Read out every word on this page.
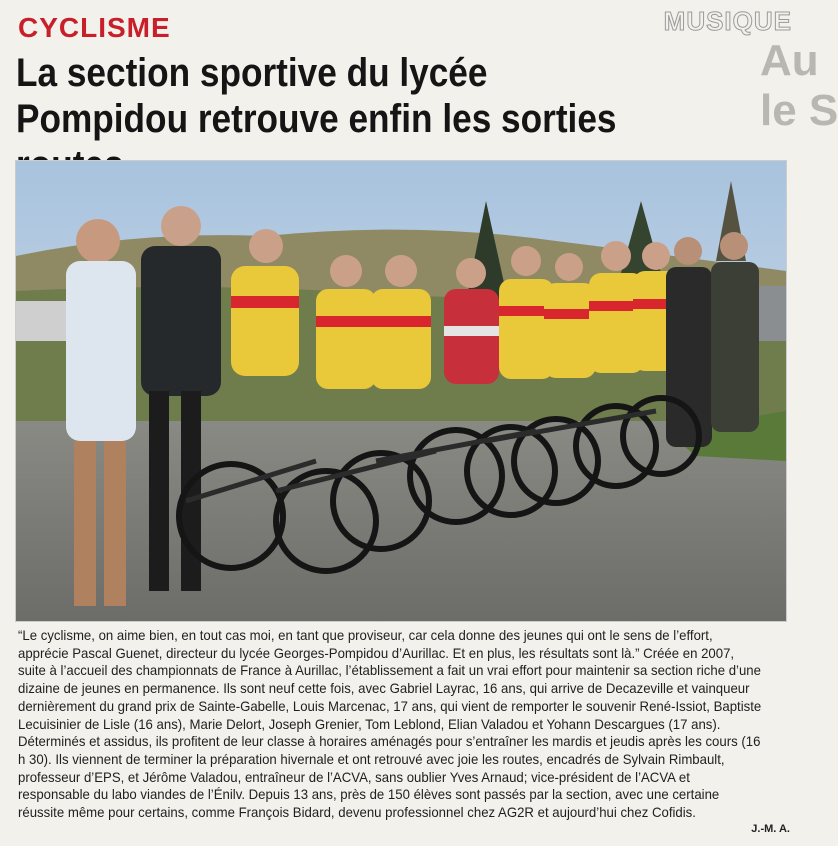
MUSIQUE
Au
le S
CYCLISME
La section sportive du lycée Pompidou retrouve enfin les sorties

“Le cyclisme, on aime bien, en tout cas moi, en tant que proviseur, car cela donne des jeunes qui ont le sens de l’effort, apprécie Pascal Guenet, directeur du lycée Georges-Pompidou d’Aurillac. Et en plus, les résultats sont là.” Créée en 2007, suite à l’accueil des championnats de France à Aurillac, l’établissement a fait un vrai effort pour maintenir sa section riche d’une dizaine de jeunes en permanence. Ils sont neuf cette fois, avec Gabriel Layrac, 16 ans, qui arrive de Decazeville et vainqueur dernièrement du grand prix de Sainte-Gabelle, Louis Marcenac, 17 ans, qui vient de remporter le souvenir René-Issiot, Baptiste Lecuisinier de Lisle (16 ans), Marie Delort, Joseph Grenier, Tom Leblond, Elian Valadou et Yohann Descargues (17 ans). Déterminés et assidus, ils profitent de leur classe à horaires aménagés pour s’entraîner les mardis et jeudis après les cours (16 h 30). Ils viennent de terminer la préparation hivernale et ont retrouvé avec joie les routes, encadrés de Sylvain Rimbault, professeur d’EPS, et Jérôme Valadou, entraîneur de l’ACVA, sans oublier Yves Arnaud; vice-président de l’ACVA et responsable du labo viandes de l’Énilv. Depuis 13 ans, près de 150 élèves sont passés par la section, avec une certaine réussite même pour certains, comme François Bidard, devenu professionnel chez AG2R et aujourd’hui chez Cofidis.

J.-M. A.
